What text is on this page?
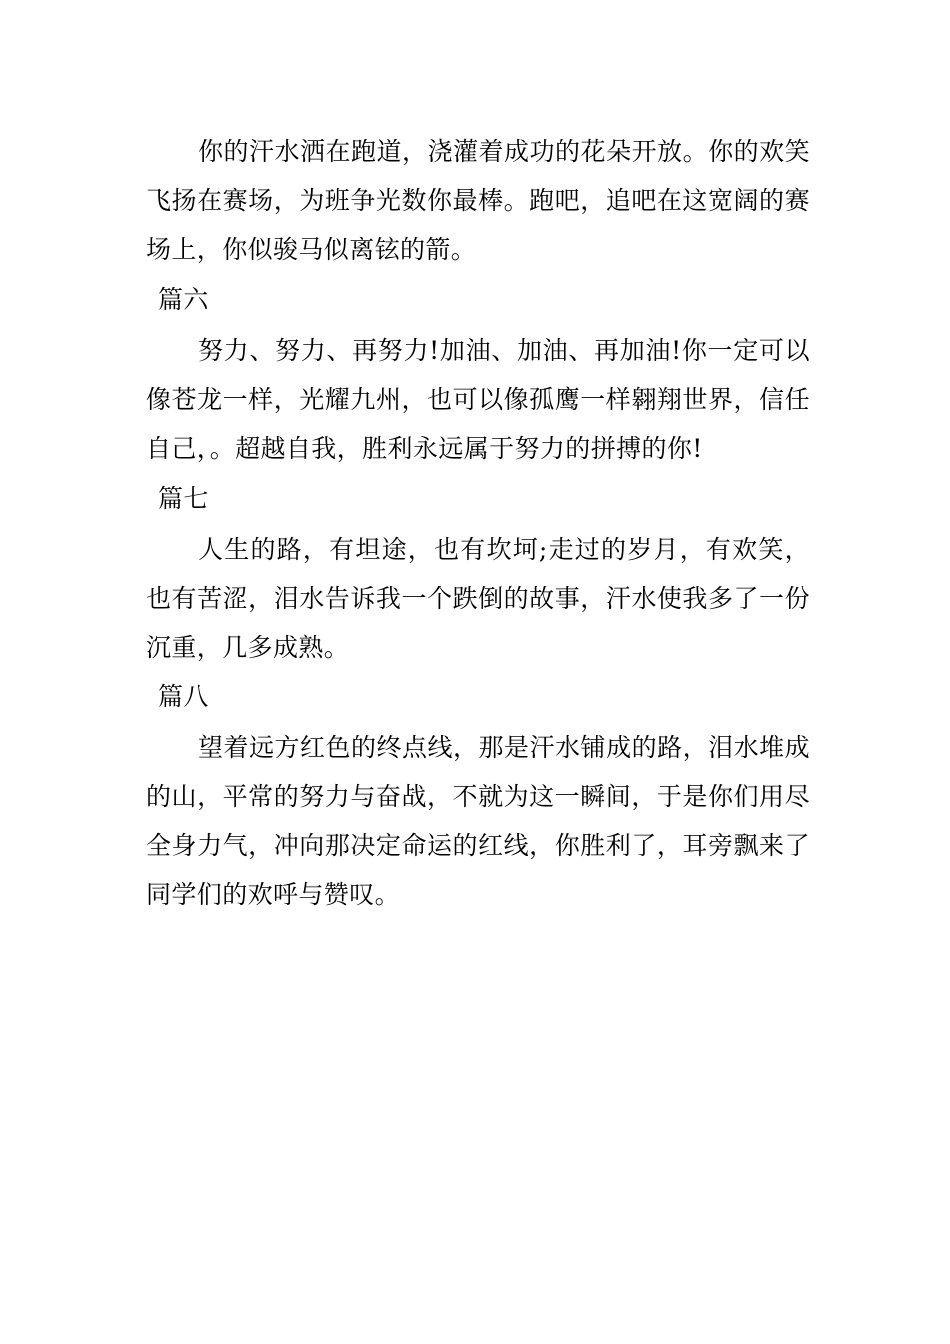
你的汗水洒在跑道，浇灌着成功的花朵开放。你的欢笑飞扬在赛场，为班争光数你最棒。跑吧，追吧在这宽阔的赛场上，你似骏马似离铉的箭。

篇六

努力、努力、再努力!加油、加油、再加油!你一定可以像苍龙一样，光耀九州，也可以像孤鹰一样翱翔世界，信任自己，。超越自我，胜利永远属于努力的拼搏的你!

篇七

人生的路，有坦途，也有坎坷;走过的岁月，有欢笑，也有苦涩，泪水告诉我一个跌倒的故事，汗水使我多了一份沉重，几多成熟。

篇八

望着远方红色的终点线，那是汗水铺成的路，泪水堆成的山，平常的努力与奋战，不就为这一瞬间，于是你们用尽全身力气，冲向那决定命运的红线，你胜利了，耳旁飘来了同学们的欢呼与赞叹。
